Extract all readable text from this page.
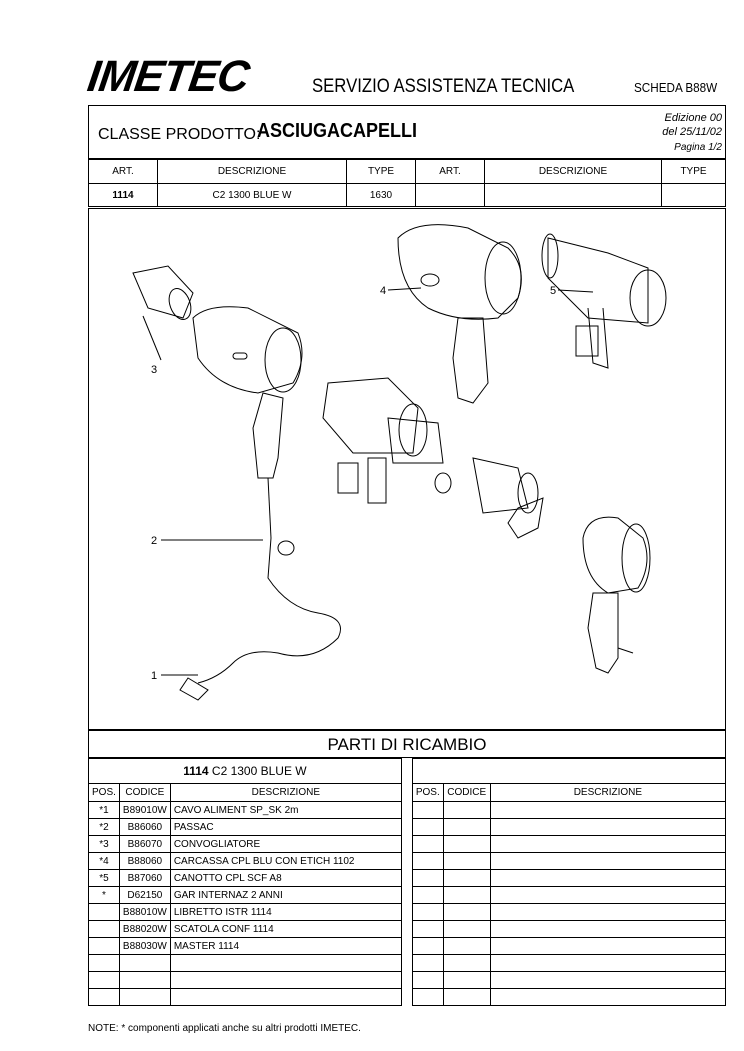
IMETEC	SERVIZIO ASSISTENZA TECNICA	SCHEDA B88W
CLASSE PRODOTTO:
ASCIUGACAPELLI
Edizione 00
del 25/11/02
Pagina 1/2
ART.	DESCRIZIONE	TYPE	ART.	DESCRIZIONE	TYPE
1114	C2 1300 BLUE W	1630			
3
2
1
4	5
PARTI DI RICAMBIO
1114 C2 1300 BLUE W						
POS.	CODICE	DESCRIZIONE		POS.	CODICE	DESCRIZIONE
*1	B89010W	CAVO ALIMENT SP_SK 2m				
*2	B86060	PASSAC				
*3	B86070	CONVOGLIATORE				
*4	B88060	CARCASSA CPL BLU CON ETICH 1102				
*5	B87060	CANOTTO CPL SCF A8				
*	D62150	GAR INTERNAZ 2 ANNI				
	B88010W	LIBRETTO ISTR 1114				
	B88020W	SCATOLA CONF 1114				
	B88030W	MASTER 1114				

NOTE: * componenti applicati anche su altri prodotti IMETEC.
